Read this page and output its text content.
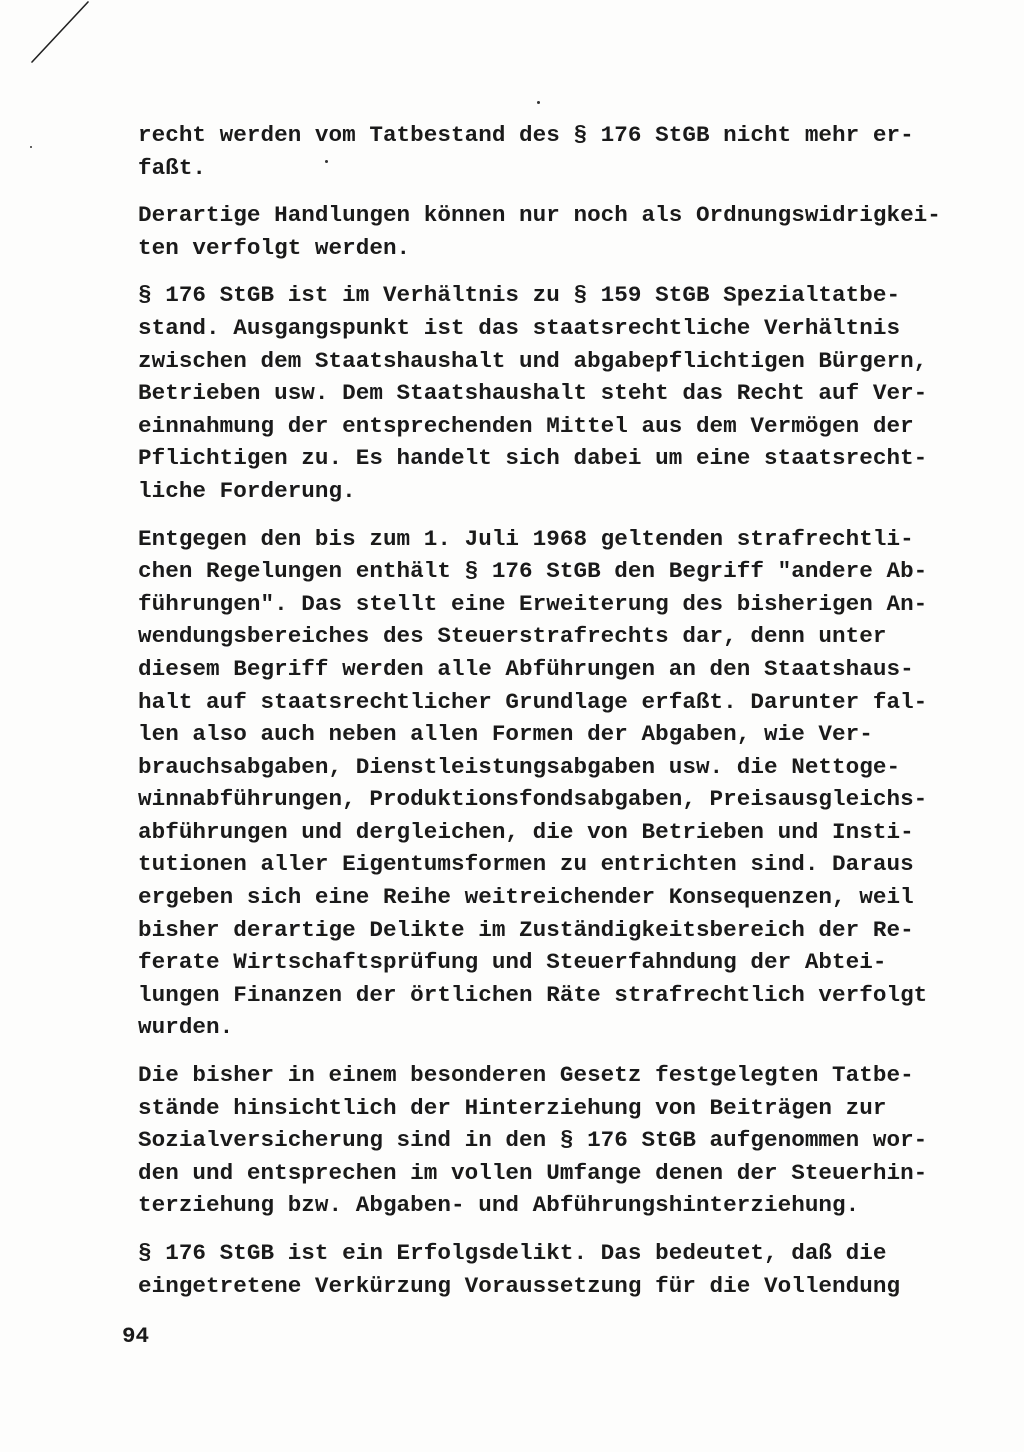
recht werden vom Tatbestand des § 176 StGB nicht mehr er-
faßt.
Derartige Handlungen können nur noch als Ordnungswidrigkei-
ten verfolgt werden.
§ 176 StGB ist im Verhältnis zu § 159 StGB Spezialtatbe-
stand. Ausgangspunkt ist das staatsrechtliche Verhältnis
zwischen dem Staatshaushalt und abgabepflichtigen Bürgern,
Betrieben usw. Dem Staatshaushalt steht das Recht auf Ver-
einnahmung der entsprechenden Mittel aus dem Vermögen der
Pflichtigen zu. Es handelt sich dabei um eine staatsrecht-
liche Forderung.
Entgegen den bis zum 1. Juli 1968 geltenden strafrechtli-
chen Regelungen enthält § 176 StGB den Begriff "andere Ab-
führungen". Das stellt eine Erweiterung des bisherigen An-
wendungsbereiches des Steuerstrafrechts dar, denn unter
diesem Begriff werden alle Abführungen an den Staatshaus-
halt auf staatsrechtlicher Grundlage erfaßt. Darunter fal-
len also auch neben allen Formen der Abgaben, wie Ver-
brauchsabgaben, Dienstleistungsabgaben usw. die Nettoge-
winnabführungen, Produktionsfondsabgaben, Preisausgleichs-
abführungen und dergleichen, die von Betrieben und Insti-
tutionen aller Eigentumsformen zu entrichten sind. Daraus
ergeben sich eine Reihe weitreichender Konsequenzen, weil
bisher derartige Delikte im Zuständigkeitsbereich der Re-
ferate Wirtschaftsprüfung und Steuerfahndung der Abtei-
lungen Finanzen der örtlichen Räte strafrechtlich verfolgt
wurden.
Die bisher in einem besonderen Gesetz festgelegten Tatbe-
stände hinsichtlich der Hinterziehung von Beiträgen zur
Sozialversicherung sind in den § 176 StGB aufgenommen wor-
den und entsprechen im vollen Umfange denen der Steuerhin-
terziehung bzw. Abgaben- und Abführungshinterziehung.
§ 176 StGB ist ein Erfolgsdelikt. Das bedeutet, daß die
eingetretene Verkürzung Voraussetzung für die Vollendung
94
